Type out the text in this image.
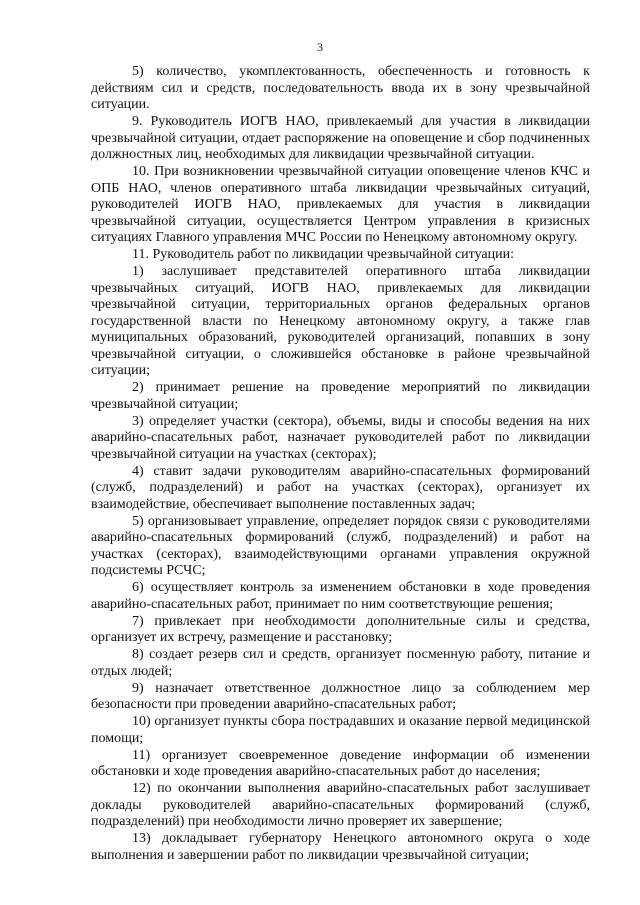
3

5) количество, укомплектованность, обеспеченность и готовность к действиям сил и средств, последовательность ввода их в зону чрезвычайной ситуации.

9. Руководитель ИОГВ НАО, привлекаемый для участия в ликвидации чрезвычайной ситуации, отдает распоряжение на оповещение и сбор подчиненных должностных лиц, необходимых для ликвидации чрезвычайной ситуации.

10. При возникновении чрезвычайной ситуации оповещение членов КЧС и ОПБ НАО, членов оперативного штаба ликвидации чрезвычайных ситуаций, руководителей ИОГВ НАО, привлекаемых для участия в ликвидации чрезвычайной ситуации, осуществляется Центром управления в кризисных ситуациях Главного управления МЧС России по Ненецкому автономному округу.

11. Руководитель работ по ликвидации чрезвычайной ситуации:

1) заслушивает представителей оперативного штаба ликвидации чрезвычайных ситуаций, ИОГВ НАО, привлекаемых для ликвидации чрезвычайной ситуации, территориальных органов федеральных органов государственной власти по Ненецкому автономному округу, а также глав муниципальных образований, руководителей организаций, попавших в зону чрезвычайной ситуации, о сложившейся обстановке в районе чрезвычайной ситуации;

2) принимает решение на проведение мероприятий по ликвидации чрезвычайной ситуации;

3) определяет участки (сектора), объемы, виды и способы ведения на них аварийно-спасательных работ, назначает руководителей работ по ликвидации чрезвычайной ситуации на участках (секторах);

4) ставит задачи руководителям аварийно-спасательных формирований (служб, подразделений) и работ на участках (секторах), организует их взаимодействие, обеспечивает выполнение поставленных задач;

5) организовывает управление, определяет порядок связи с руководителями аварийно-спасательных формирований (служб, подразделений) и работ на участках (секторах), взаимодействующими органами управления окружной подсистемы РСЧС;

6) осуществляет контроль за изменением обстановки в ходе проведения аварийно-спасательных работ, принимает по ним соответствующие решения;

7) привлекает при необходимости дополнительные силы и средства, организует их встречу, размещение и расстановку;

8) создает резерв сил и средств, организует посменную работу, питание и отдых людей;

9) назначает ответственное должностное лицо за соблюдением мер безопасности при проведении аварийно-спасательных работ;

10) организует пункты сбора пострадавших и оказание первой медицинской помощи;

11) организует своевременное доведение информации об изменении обстановки и ходе проведения аварийно-спасательных работ до населения;

12) по окончании выполнения аварийно-спасательных работ заслушивает доклады руководителей аварийно-спасательных формирований (служб, подразделений) при необходимости лично проверяет их завершение;

13) докладывает губернатору Ненецкого автономного округа о ходе выполнения и завершении работ по ликвидации чрезвычайной ситуации;
